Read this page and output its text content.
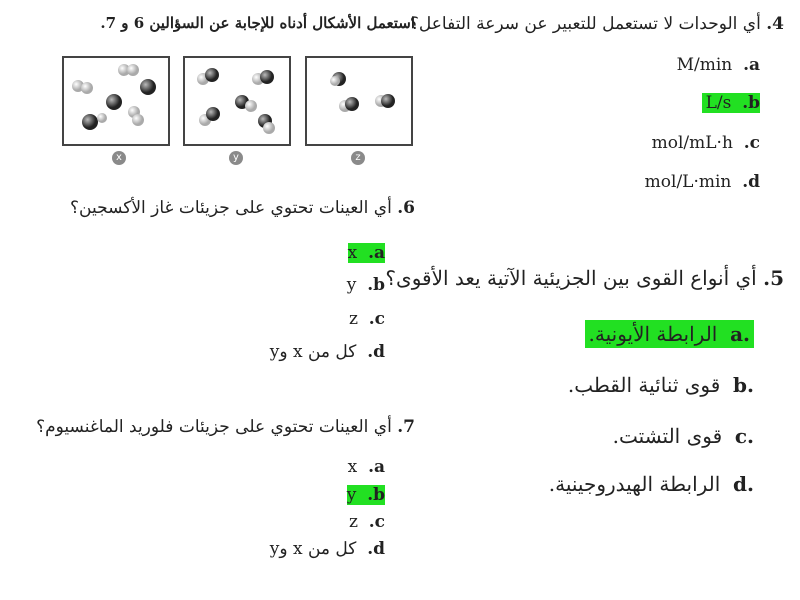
استعمل الأشكال أدناه للإجابة عن السؤالين 6 و 7.
x	y	z
6. أي العينات تحتوي على جزيئات غاز الأكسجين؟
x .a
y .b
z .c
كل من x وy .d
7. أي العينات تحتوي على جزيئات فلوريد الماغنسيوم؟
x .a
y .b
z .c
كل من x وy .d
4. أي الوحدات لا تستعمل للتعبير عن سرعة التفاعل؟
M/min .a
L/s .b
mol/mL·h .c
mol/L·min .d
5. أي أنواع القوى بين الجزيئية الآتية يعد الأقوى؟
a.  الرابطة الأيونية.
b.  قوى ثنائية القطب.
c.  قوى التشتت.
d.  الرابطة الهيدروجينية.
